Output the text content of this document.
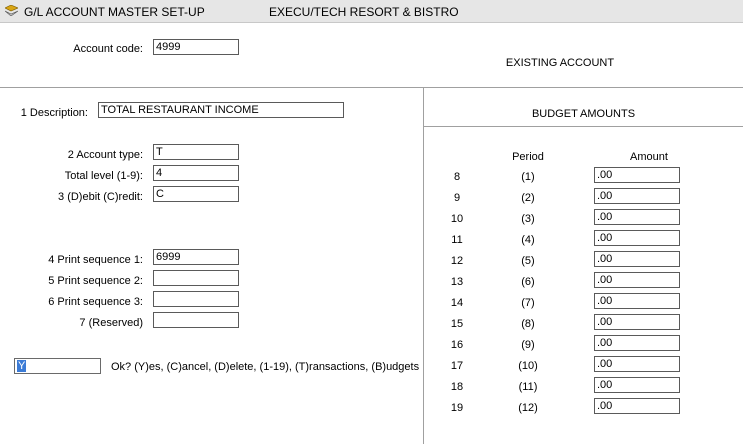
G/L ACCOUNT MASTER SET-UP	EXECU/TECH RESORT & BISTRO
Account code: 4999
EXISTING ACCOUNT
1 Description: TOTAL RESTAURANT INCOME
2 Account type: T
Total level (1-9): 4
3 (D)ebit (C)redit: C
4 Print sequence 1: 6999
5 Print sequence 2:
6 Print sequence 3:
7 (Reserved)
Y	Ok? (Y)es, (C)ancel, (D)elete, (1-19), (T)ransactions, (B)udgets
BUDGET AMOUNTS
Period	Amount
8	(1)	.00
9	(2)	.00
10	(3)	.00
11	(4)	.00
12	(5)	.00
13	(6)	.00
14	(7)	.00
15	(8)	.00
16	(9)	.00
17	(10)	.00
18	(11)	.00
19	(12)	.00
